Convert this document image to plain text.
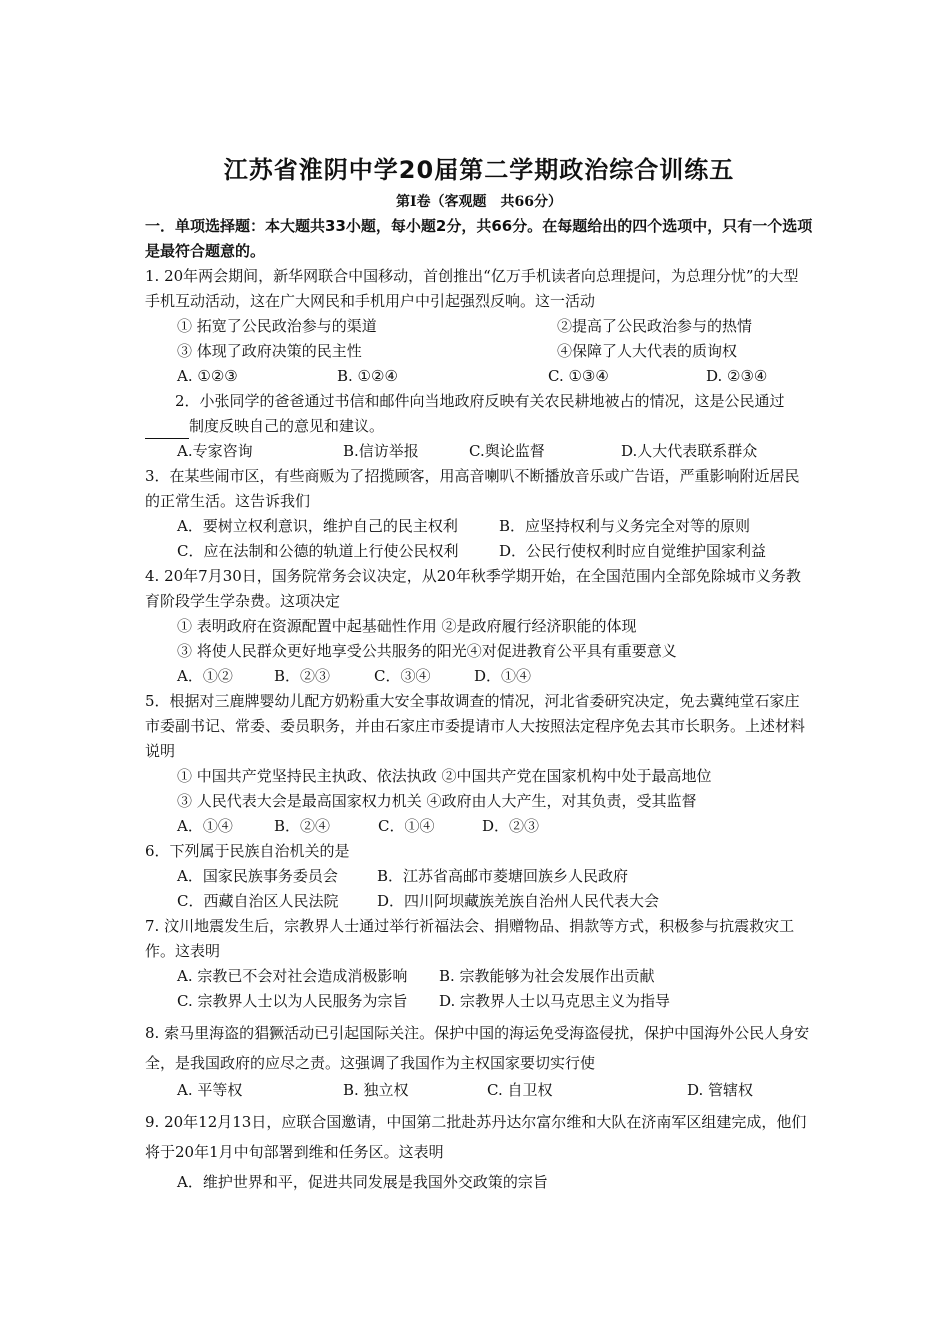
江苏省淮阴中学20届第二学期政治综合训练五

第Ⅰ卷（客观题　共66分）

一．单项选择题：本大题共33小题，每小题2分，共66分。在每题给出的四个选项中，只有一个选项是最符合题意的。

1. 20年两会期间，新华网联合中国移动，首创推出“亿万手机读者向总理提问，为总理分忧”的大型手机互动活动，这在广大网民和手机用户中引起强烈反响。这一活动

① 拓宽了公民政治参与的渠道	②提高了公民政治参与的热情
③ 体现了政府决策的民主性	④保障了人大代表的质询权
A. ①②③	B. ①②④	C. ①③④	D. ②③④

2．小张同学的爸爸通过书信和邮件向当地政府反映有关农民耕地被占的情况，这是公民通过制度反映自己的意见和建议。

A.专家咨询	B.信访举报	C.舆论监督	D.人大代表联系群众

3．在某些闹市区，有些商贩为了招揽顾客，用高音喇叭不断播放音乐或广告语，严重影响附近居民的正常生活。这告诉我们

A．要树立权利意识，维护自己的民主权利	B．应坚持权利与义务完全对等的原则
C．应在法制和公德的轨道上行使公民权利	D．公民行使权利时应自觉维护国家利益

4. 20年7月30日，国务院常务会议决定，从20年秋季学期开始，在全国范围内全部免除城市义务教育阶段学生学杂费。这项决定

① 表明政府在资源配置中起基础性作用 ②是政府履行经济职能的体现

③ 将使人民群众更好地享受公共服务的阳光④对促进教育公平具有重要意义

A．①②	B．②③	C．③④	D．①④

5．根据对三鹿牌婴幼儿配方奶粉重大安全事故调查的情况，河北省委研究决定，免去冀纯堂石家庄市委副书记、常委、委员职务，并由石家庄市委提请市人大按照法定程序免去其市长职务。上述材料说明

① 中国共产党坚持民主执政、依法执政 ②中国共产党在国家机构中处于最高地位

③ 人民代表大会是最高国家权力机关 ④政府由人大产生，对其负责，受其监督

A．①④	B．②④	C．①④	D．②③

6．下列属于民族自治机关的是

A．国家民族事务委员会	B．江苏省高邮市菱塘回族乡人民政府
C．西藏自治区人民法院	D．四川阿坝藏族羌族自治州人民代表大会

7. 汶川地震发生后，宗教界人士通过举行祈福法会、捐赠物品、捐款等方式，积极参与抗震救灾工作。这表明

A. 宗教已不会对社会造成消极影响	B. 宗教能够为社会发展作出贡献
C. 宗教界人士以为人民服务为宗旨	D. 宗教界人士以马克思主义为指导

8. 索马里海盗的猖獗活动已引起国际关注。保护中国的海运免受海盗侵扰，保护中国海外公民人身安全，是我国政府的应尽之责。这强调了我国作为主权国家要切实行使

A. 平等权	B. 独立权	C. 自卫权	D. 管辖权

9. 20年12月13日，应联合国邀请，中国第二批赴苏丹达尔富尔维和大队在济南军区组建完成，他们将于20年1月中旬部署到维和任务区。这表明

A．维护世界和平，促进共同发展是我国外交政策的宗旨
